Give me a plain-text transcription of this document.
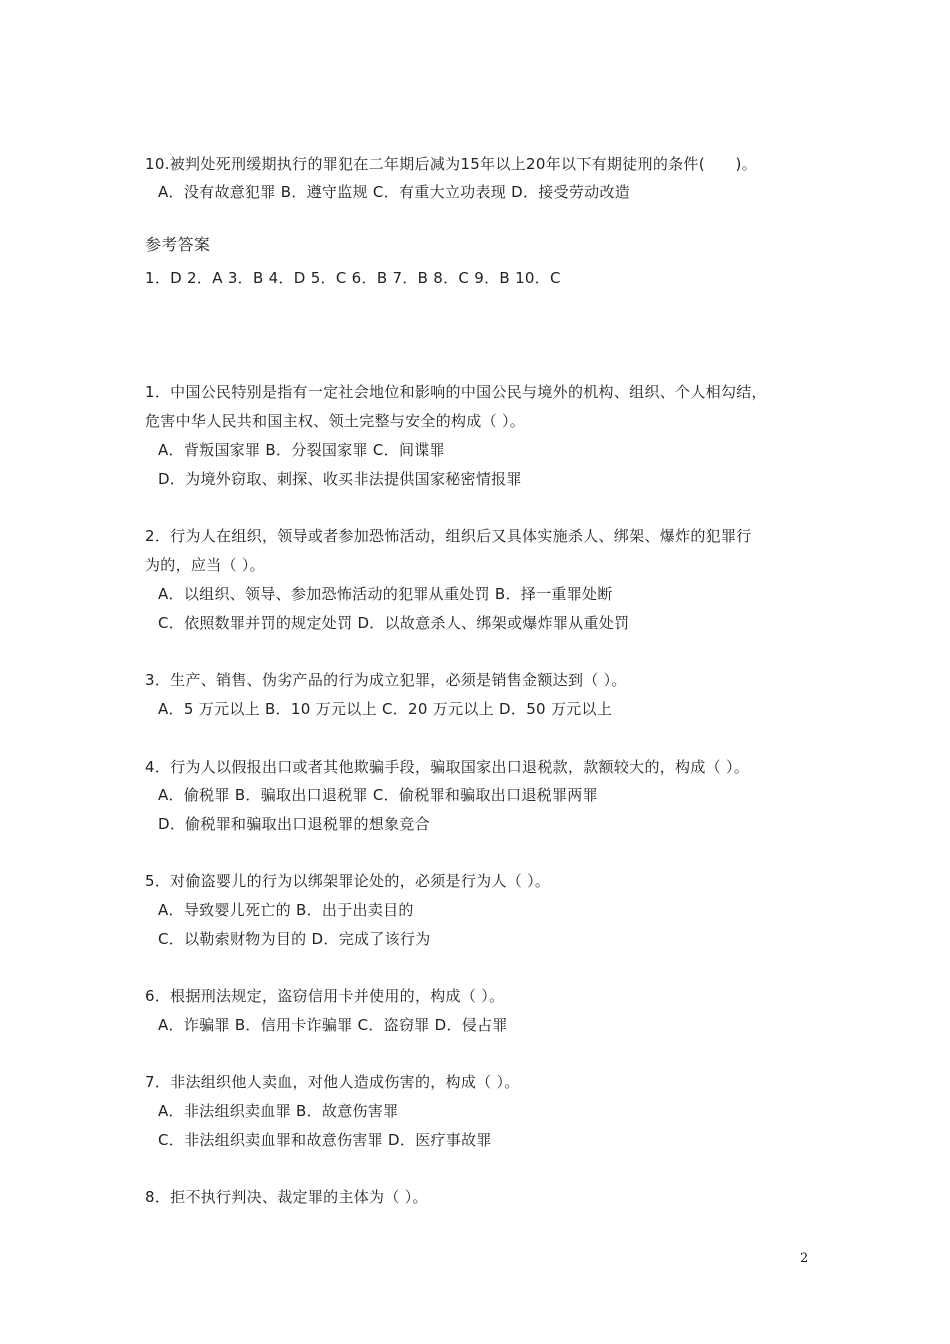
10.被判处死刑缓期执行的罪犯在二年期后减为15年以上20年以下有期徒刑的条件(　　)。
A．没有故意犯罪 B．遵守监规 C．有重大立功表现 D．接受劳动改造
参考答案
1．D 2．A 3．B 4．D 5．C 6．B 7．B 8．C 9．B 10．C
1．中国公民特别是指有一定社会地位和影响的中国公民与境外的机构、组织、个人相勾结，
危害中华人民共和国主权、领土完整与安全的构成（ ）。
A．背叛国家罪 B．分裂国家罪 C．间谍罪
D．为境外窃取、刺探、收买非法提供国家秘密情报罪
2．行为人在组织，领导或者参加恐怖活动，组织后又具体实施杀人、绑架、爆炸的犯罪行
为的，应当（ ）。
A．以组织、领导、参加恐怖活动的犯罪从重处罚 B．择一重罪处断
C．依照数罪并罚的规定处罚 D．以故意杀人、绑架或爆炸罪从重处罚
3．生产、销售、伪劣产品的行为成立犯罪，必须是销售金额达到（ ）。
A．5 万元以上 B．10 万元以上 C．20 万元以上 D．50 万元以上
4．行为人以假报出口或者其他欺骗手段，骗取国家出口退税款，款额较大的，构成（ ）。
A．偷税罪 B．骗取出口退税罪 C．偷税罪和骗取出口退税罪两罪
D．偷税罪和骗取出口退税罪的想象竞合
5．对偷盗婴儿的行为以绑架罪论处的，必须是行为人（ ）。
A．导致婴儿死亡的 B．出于出卖目的
C．以勒索财物为目的 D．完成了该行为
6．根据刑法规定，盗窃信用卡并使用的，构成（ ）。
A．诈骗罪 B．信用卡诈骗罪 C．盗窃罪 D．侵占罪
7．非法组织他人卖血，对他人造成伤害的，构成（ ）。
A．非法组织卖血罪 B．故意伤害罪
C．非法组织卖血罪和故意伤害罪 D．医疗事故罪
8．拒不执行判决、裁定罪的主体为（ ）。
2
